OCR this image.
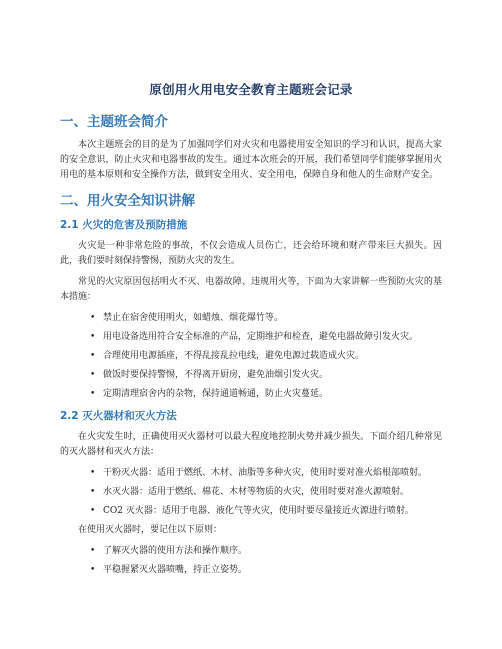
原创用火用电安全教育主题班会记录
一、主题班会简介

本次主题班会的目的是为了加强同学们对火灾和电器使用安全知识的学习和认识，提高大家的安全意识，防止火灾和电器事故的发生。通过本次班会的开展，我们希望同学们能够掌握用火用电的基本原则和安全操作方法，做到安全用火、安全用电，保障自身和他人的生命财产安全。

二、用火安全知识讲解
2.1 火灾的危害及预防措施

火灾是一种非常危险的事故，不仅会造成人员伤亡，还会给环境和财产带来巨大损失。因此，我们要时刻保持警惕，预防火灾的发生。

常见的火灾原因包括明火不灭、电器故障、违规用火等，下面为大家讲解一些预防火灾的基本措施：

• 禁止在宿舍使用明火，如蜡烛、烟花爆竹等。
• 用电设备选用符合安全标准的产品，定期维护和检查，避免电器故障引发火灾。
• 合理使用电源插座，不得乱接乱拉电线，避免电源过载造成火灾。
• 做饭时要保持警惕，不得离开厨房，避免油烟引发火灾。
• 定期清理宿舍内的杂物，保持通道畅通，防止火灾蔓延。
2.2 灭火器材和灭火方法

在火灾发生时，正确使用灭火器材可以最大程度地控制火势并减少损失。下面介绍几种常见的灭火器材和灭火方法：

• 干粉灭火器：适用于燃纸、木材、油脂等多种火灾，使用时要对准火焰根部喷射。
• 水灭火器：适用于燃纸、棉花、木材等物质的火灾，使用时要对准火源喷射。
• CO2 灭火器：适用于电器、液化气等火灾，使用时要尽量接近火源进行喷射。

在使用灭火器时，要记住以下原则：

• 了解灭火器的使用方法和操作顺序。
• 平稳握紧灭火器喷嘴，持正立姿势。
